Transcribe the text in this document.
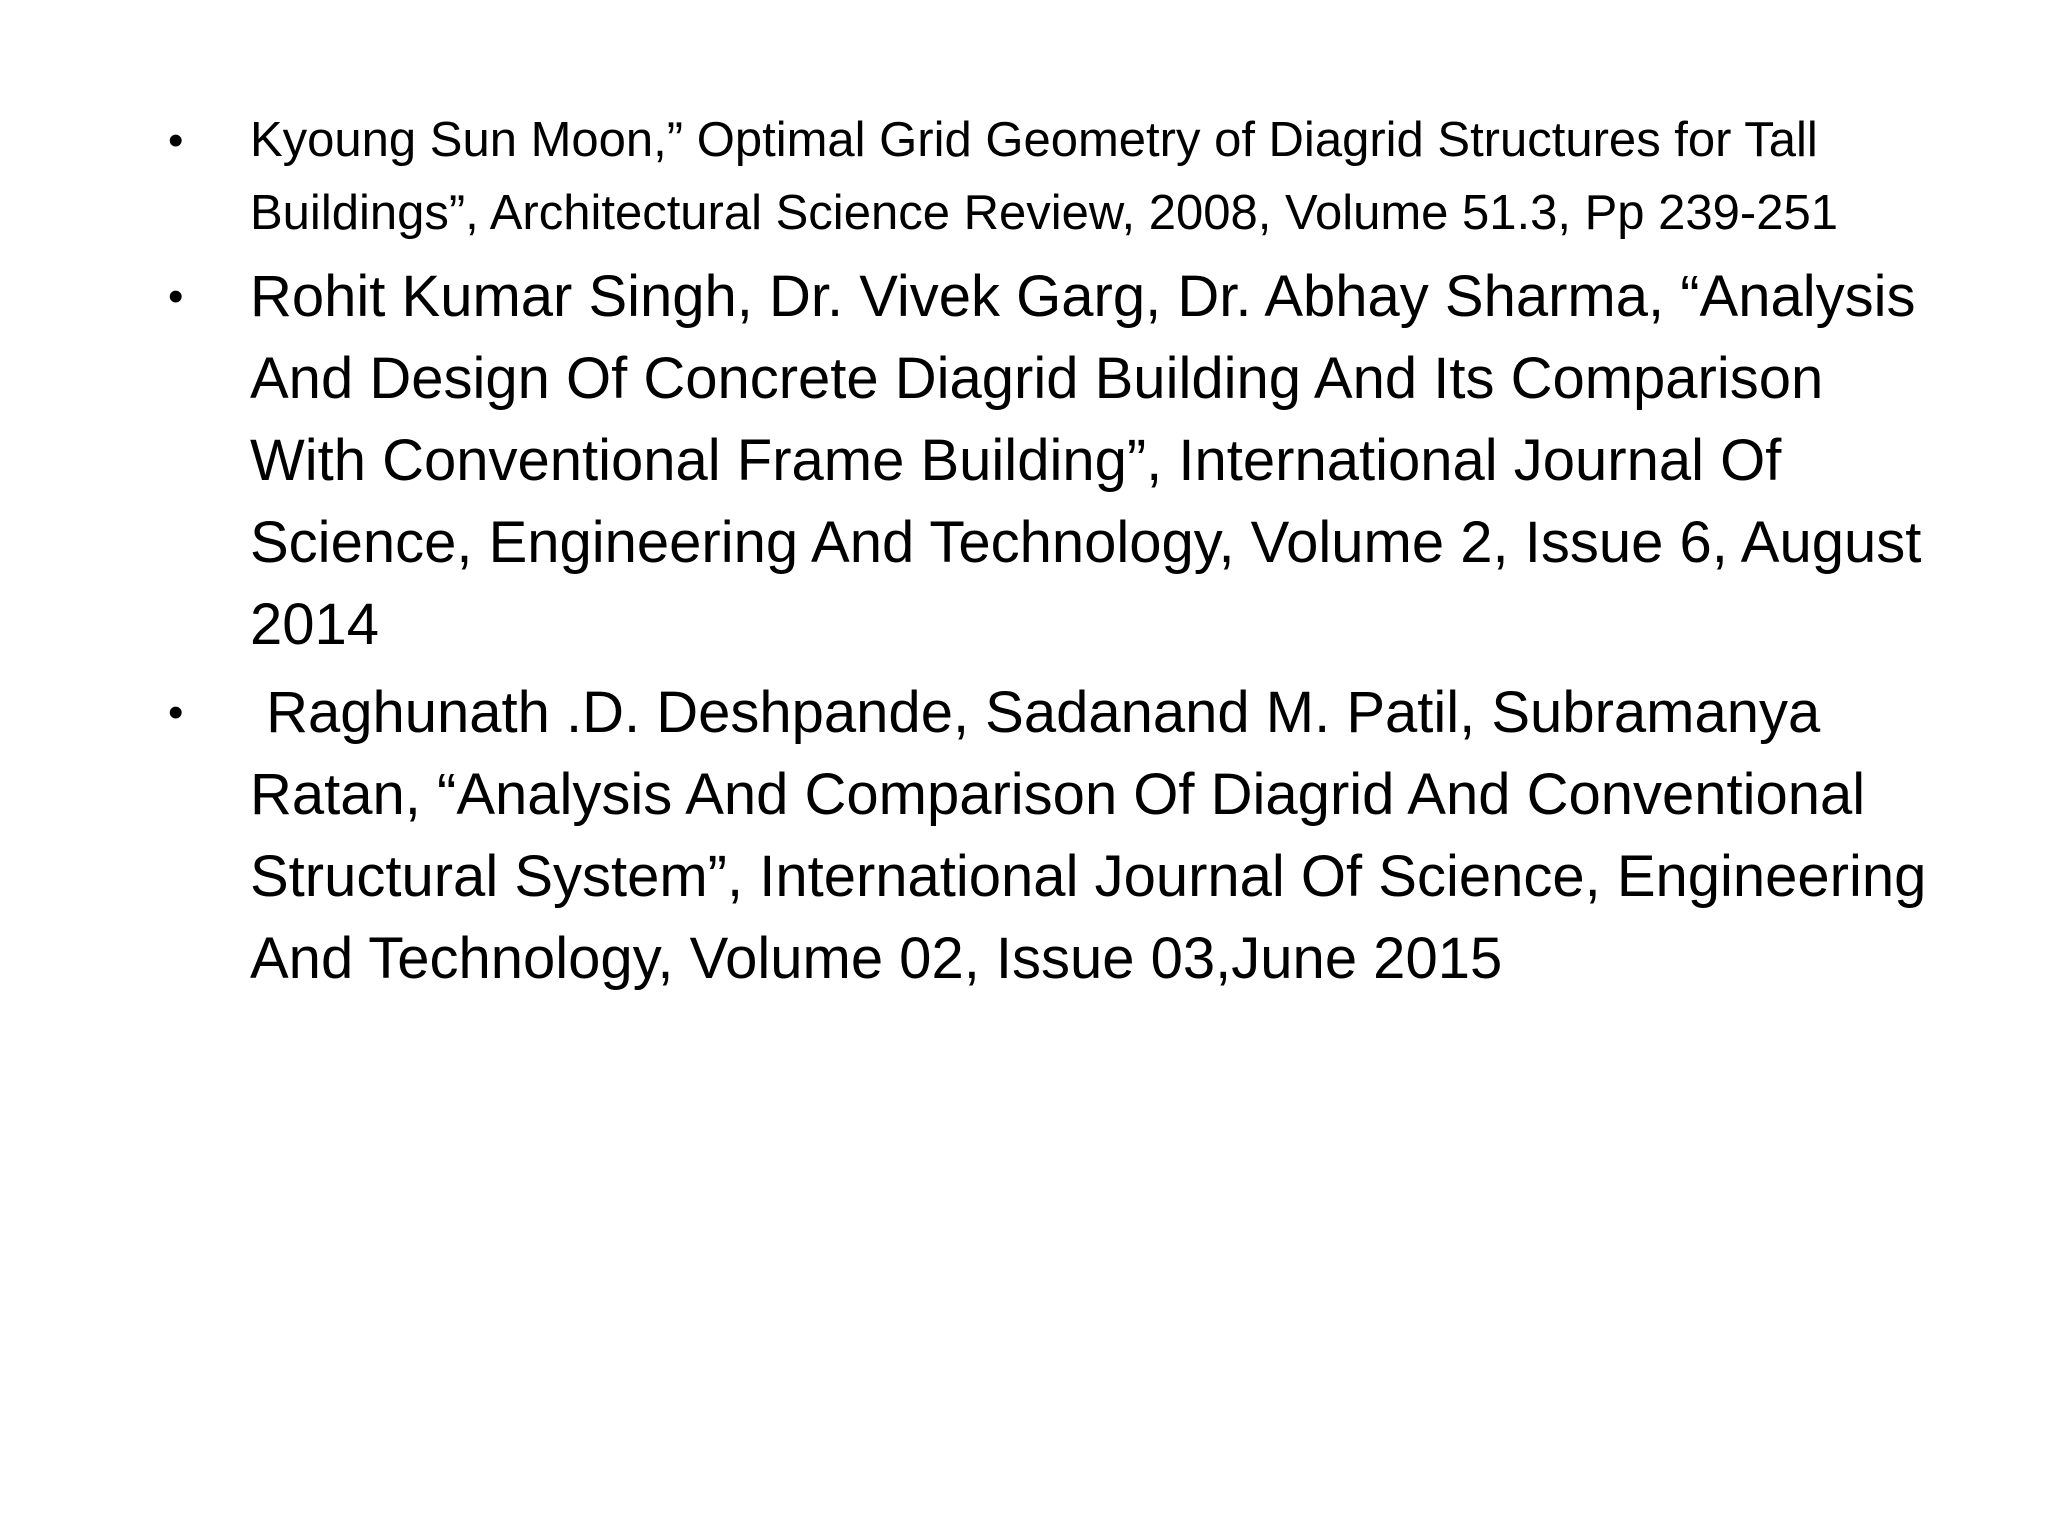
• Kyoung Sun Moon,” Optimal Grid Geometry of Diagrid Structures for Tall Buildings”, Architectural Science Review, 2008, Volume 51.3, Pp 239-251
• Rohit Kumar Singh, Dr. Vivek Garg, Dr. Abhay Sharma, “Analysis And Design Of Concrete Diagrid Building And Its Comparison With Conventional Frame Building”, International Journal Of Science, Engineering And Technology, Volume 2, Issue 6, August 2014
• Raghunath .D. Deshpande, Sadanand M. Patil, Subramanya Ratan, “Analysis And Comparison Of Diagrid And Conventional Structural System”, International Journal Of Science, Engineering And Technology, Volume 02, Issue 03,June 2015
